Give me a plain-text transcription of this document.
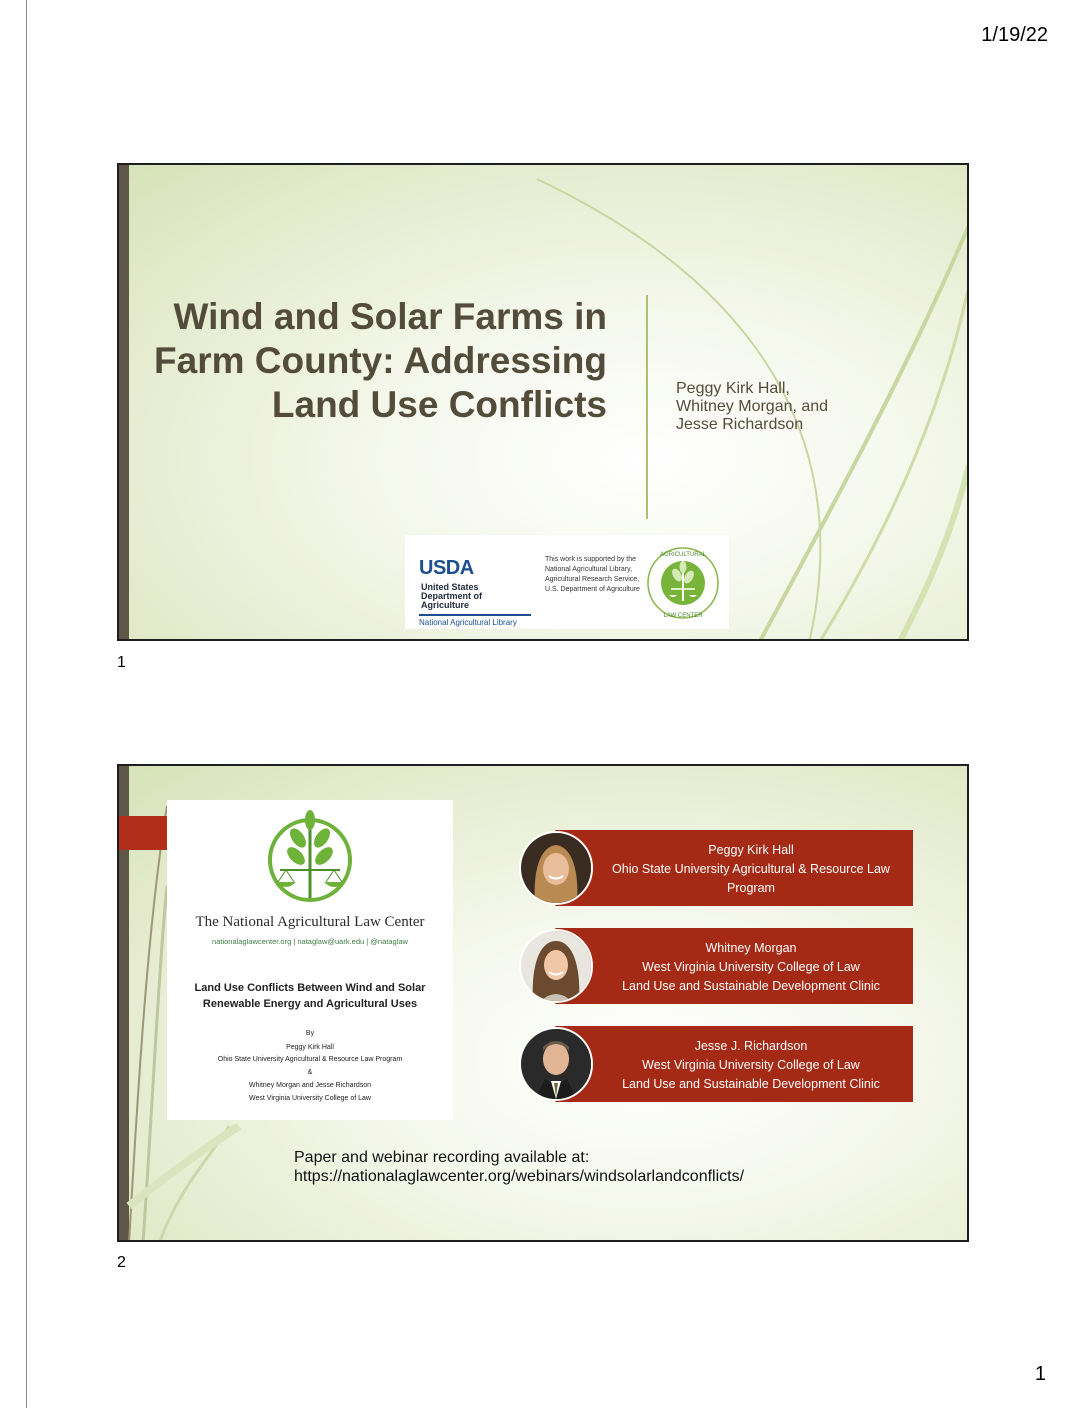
1/19/22
Wind and Solar Farms in Farm County: Addressing Land Use Conflicts	Peggy Kirk Hall,
Whitney Morgan, and
Jesse Richardson
USDA
United States
Department of
Agriculture
National Agricultural Library
This work is supported by the National Agricultural Library, Agricultural Research Service, U.S. Department of Agriculture
AGRICULTURAL
LAW CENTER
1
The National Agricultural Law Center
nationalaglawcenter.org | nataglaw@uark.edu | @nataglaw
Land Use Conflicts Between Wind and Solar Renewable Energy and Agricultural Uses
By
Peggy Kirk Hall
Ohio State University Agricultural & Resource Law Program
&
Whitney Morgan and Jesse Richardson
West Virginia University College of Law
Peggy Kirk Hall
Ohio State University Agricultural & Resource Law Program
Whitney Morgan
West Virginia University College of Law
Land Use and Sustainable Development Clinic
Jesse J. Richardson
West Virginia University College of Law
Land Use and Sustainable Development Clinic
Paper and webinar recording available at:
https://nationalaglawcenter.org/webinars/windsolarlandconflicts/
2
1
